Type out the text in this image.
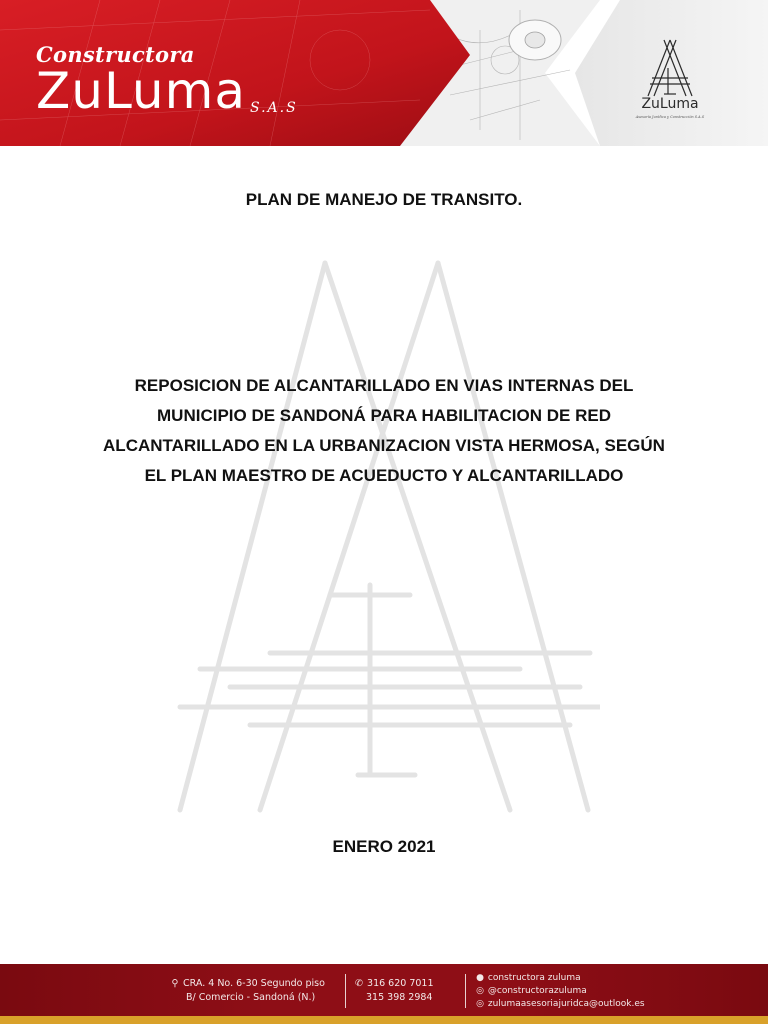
Constructora
ZuLuma S.A.S	ZuLuma
Asesoría Jurídica y Construcción S.A.S
PLAN DE MANEJO DE TRANSITO.
REPOSICION DE ALCANTARILLADO EN VIAS INTERNAS DEL MUNICIPIO DE SANDONÁ PARA HABILITACION DE RED ALCANTARILLADO EN LA URBANIZACION VISTA HERMOSA, SEGÚN EL PLAN MAESTRO DE ACUEDUCTO Y ALCANTARILLADO
ENERO 2021
⚲ CRA. 4 No. 6-30 Segundo piso
B/ Comercio - Sandoná (N.)
✆ 316 620 7011
315 398 2984
● constructora zuluma
◎ @constructorazuluma
◎ zulumaasesoriajuridca@outlook.es
